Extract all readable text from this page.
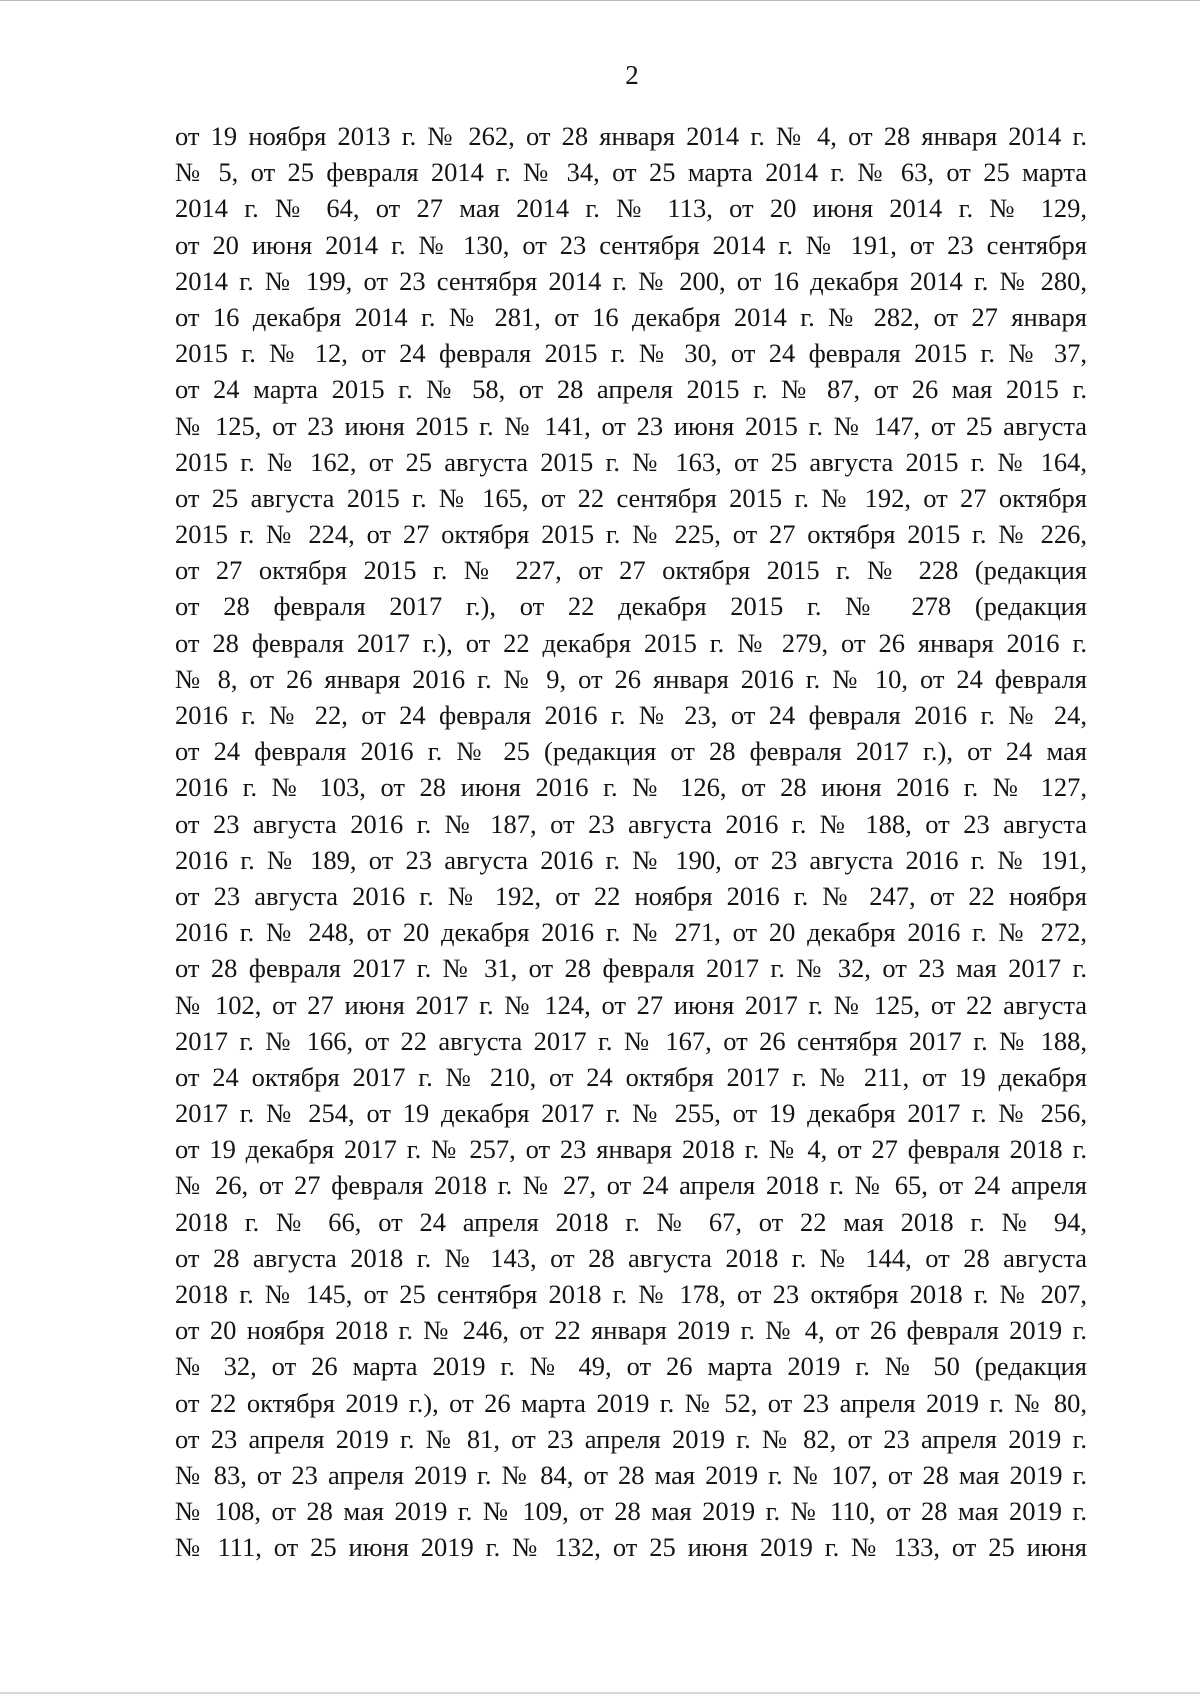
2
от 19 ноября 2013 г. № 262, от 28 января 2014 г. № 4, от 28 января 2014 г.
№ 5, от 25 февраля 2014 г. № 34, от 25 марта 2014 г. № 63, от 25 марта
2014 г. № 64, от 27 мая 2014 г. № 113, от 20 июня 2014 г. № 129,
от 20 июня 2014 г. № 130, от 23 сентября 2014 г. № 191, от 23 сентября
2014 г. № 199, от 23 сентября 2014 г. № 200, от 16 декабря 2014 г. № 280,
от 16 декабря 2014 г. № 281, от 16 декабря 2014 г. № 282, от 27 января
2015 г. № 12, от 24 февраля 2015 г. № 30, от 24 февраля 2015 г. № 37,
от 24 марта 2015 г. № 58, от 28 апреля 2015 г. № 87, от 26 мая 2015 г.
№ 125, от 23 июня 2015 г. № 141, от 23 июня 2015 г. № 147, от 25 августа
2015 г. № 162, от 25 августа 2015 г. № 163, от 25 августа 2015 г. № 164,
от 25 августа 2015 г. № 165, от 22 сентября 2015 г. № 192, от 27 октября
2015 г. № 224, от 27 октября 2015 г. № 225, от 27 октября 2015 г. № 226,
от 27 октября 2015 г. № 227, от 27 октября 2015 г. № 228 (редакция
от 28 февраля 2017 г.), от 22 декабря 2015 г. № 278 (редакция
от 28 февраля 2017 г.), от 22 декабря 2015 г. № 279, от 26 января 2016 г.
№ 8, от 26 января 2016 г. № 9, от 26 января 2016 г. № 10, от 24 февраля
2016 г. № 22, от 24 февраля 2016 г. № 23, от 24 февраля 2016 г. № 24,
от 24 февраля 2016 г. № 25 (редакция от 28 февраля 2017 г.), от 24 мая
2016 г. № 103, от 28 июня 2016 г. № 126, от 28 июня 2016 г. № 127,
от 23 августа 2016 г. № 187, от 23 августа 2016 г. № 188, от 23 августа
2016 г. № 189, от 23 августа 2016 г. № 190, от 23 августа 2016 г. № 191,
от 23 августа 2016 г. № 192, от 22 ноября 2016 г. № 247, от 22 ноября
2016 г. № 248, от 20 декабря 2016 г. № 271, от 20 декабря 2016 г. № 272,
от 28 февраля 2017 г. № 31, от 28 февраля 2017 г. № 32, от 23 мая 2017 г.
№ 102, от 27 июня 2017 г. № 124, от 27 июня 2017 г. № 125, от 22 августа
2017 г. № 166, от 22 августа 2017 г. № 167, от 26 сентября 2017 г. № 188,
от 24 октября 2017 г. № 210, от 24 октября 2017 г. № 211, от 19 декабря
2017 г. № 254, от 19 декабря 2017 г. № 255, от 19 декабря 2017 г. № 256,
от 19 декабря 2017 г. № 257, от 23 января 2018 г. № 4, от 27 февраля 2018 г.
№ 26, от 27 февраля 2018 г. № 27, от 24 апреля 2018 г. № 65, от 24 апреля
2018 г. № 66, от 24 апреля 2018 г. № 67, от 22 мая 2018 г. № 94,
от 28 августа 2018 г. № 143, от 28 августа 2018 г. № 144, от 28 августа
2018 г. № 145, от 25 сентября 2018 г. № 178, от 23 октября 2018 г. № 207,
от 20 ноября 2018 г. № 246, от 22 января 2019 г. № 4, от 26 февраля 2019 г.
№ 32, от 26 марта 2019 г. № 49, от 26 марта 2019 г. № 50 (редакция
от 22 октября 2019 г.), от 26 марта 2019 г. № 52, от 23 апреля 2019 г. № 80,
от 23 апреля 2019 г. № 81, от 23 апреля 2019 г. № 82, от 23 апреля 2019 г.
№ 83, от 23 апреля 2019 г. № 84, от 28 мая 2019 г. № 107, от 28 мая 2019 г.
№ 108, от 28 мая 2019 г. № 109, от 28 мая 2019 г. № 110, от 28 мая 2019 г.
№ 111, от 25 июня 2019 г. № 132, от 25 июня 2019 г. № 133, от 25 июня
